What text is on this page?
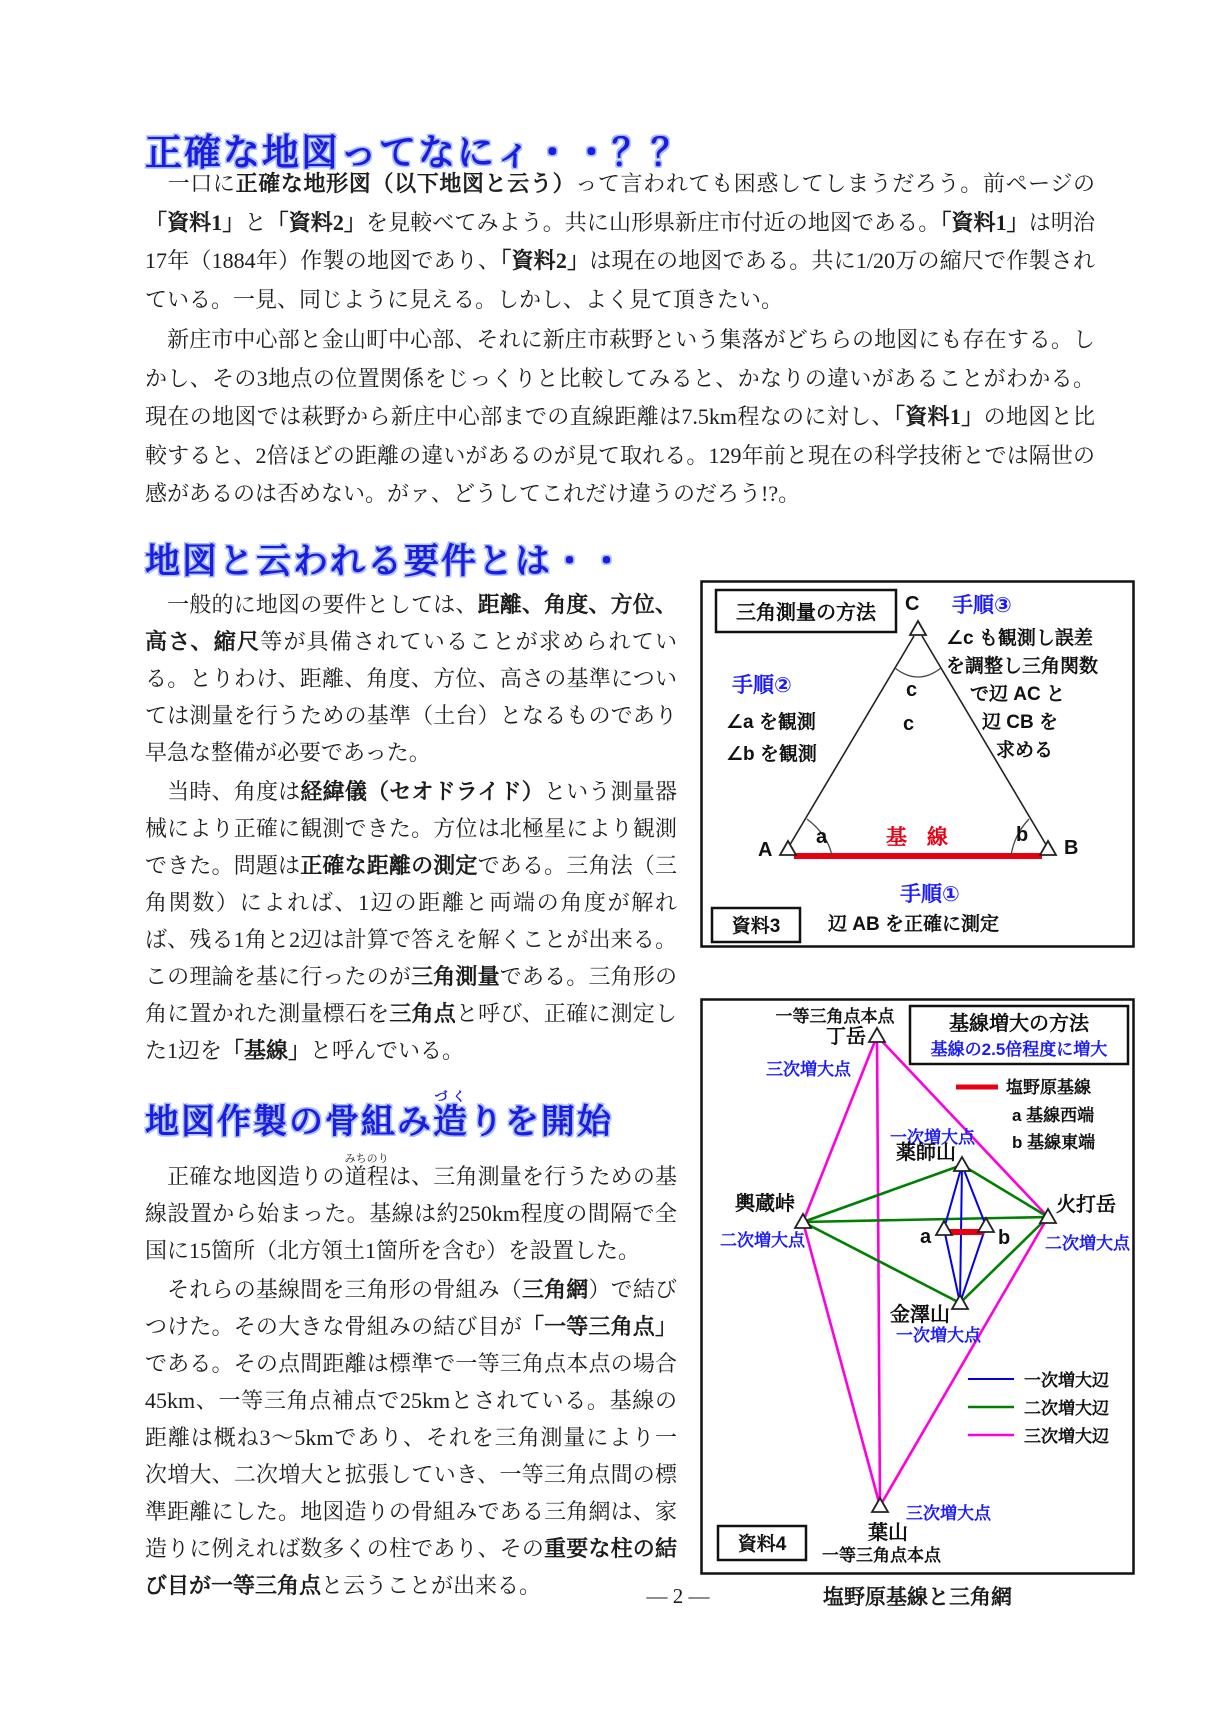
正確な地図ってなにィ・・？？

　一口に正確な地形図（以下地図と云う）って言われても困惑してしまうだろう。前ページの「資料1」と「資料2」を見較べてみよう。共に山形県新庄市付近の地図である。「資料1」は明治17年（1884年）作製の地図であり、「資料2」は現在の地図である。共に1/20万の縮尺で作製されている。一見、同じように見える。しかし、よく見て頂きたい。

　新庄市中心部と金山町中心部、それに新庄市萩野という集落がどちらの地図にも存在する。しかし、その3地点の位置関係をじっくりと比較してみると、かなりの違いがあることがわかる。現在の地図では萩野から新庄中心部までの直線距離は7.5km程なのに対し、「資料1」の地図と比較すると、2倍ほどの距離の違いがあるのが見て取れる。129年前と現在の科学技術とでは隔世の感があるのは否めない。がァ、どうしてこれだけ違うのだろう!?。

地図と云われる要件とは・・

　一般的に地図の要件としては、距離、角度、方位、高さ、縮尺等が具備されていることが求められている。とりわけ、距離、角度、方位、高さの基準については測量を行うための基準（土台）となるものであり早急な整備が必要であった。

　当時、角度は経緯儀（セオドライド）という測量器械により正確に観測できた。方位は北極星により観測できた。問題は正確な距離の測定である。三角法（三角関数）によれば、1辺の距離と両端の角度が解れば、残る1角と2辺は計算で答えを解くことが出来る。この理論を基に行ったのが三角測量である。三角形の角に置かれた測量標石を三角点と呼び、正確に測定した1辺を「基線」と呼んでいる。

地図作製の骨組み造づくりを開始

　正確な地図造りの道程みちのりは、三角測量を行うための基線設置から始まった。基線は約250km程度の間隔で全国に15箇所（北方領土1箇所を含む）を設置した。

　それらの基線間を三角形の骨組み（三角網）で結びつけた。その大きな骨組みの結び目が「一等三角点」である。その点間距離は標準で一等三角点本点の場合45km、一等三角点補点で25kmとされている。基線の距離は概ね3〜5kmであり、それを三角測量により一次増大、二次増大と拡張していき、一等三角点間の標準距離にした。地図造りの骨組みである三角網は、家造りに例えれば数多くの柱であり、その重要な柱の結び目が一等三角点と云うことが出来る。

三角測量の方法 C
A	B
c
c
a	b
基 線
手順③
∠c も観測し誤差
を調整し三角関数
で辺 AC と
辺 CB を
求める
手順②
∠a を観測
∠b を観測
手順①
辺 AB を正確に測定
資料3
一等三角点本点
丁岳
三次増大点
基線増大の方法
基線の2.5倍程度に増大
塩野原基線
a 基線西端
b 基線東端
一次増大点
薬師山
輿蔵峠
二次増大点
火打岳
二次増大点
a	b
金澤山
一次増大点
一次増大辺
二次増大辺
三次増大辺
三次増大点
葉山
一等三角点本点
資料4
塩野原基線と三角網
— 2 —
